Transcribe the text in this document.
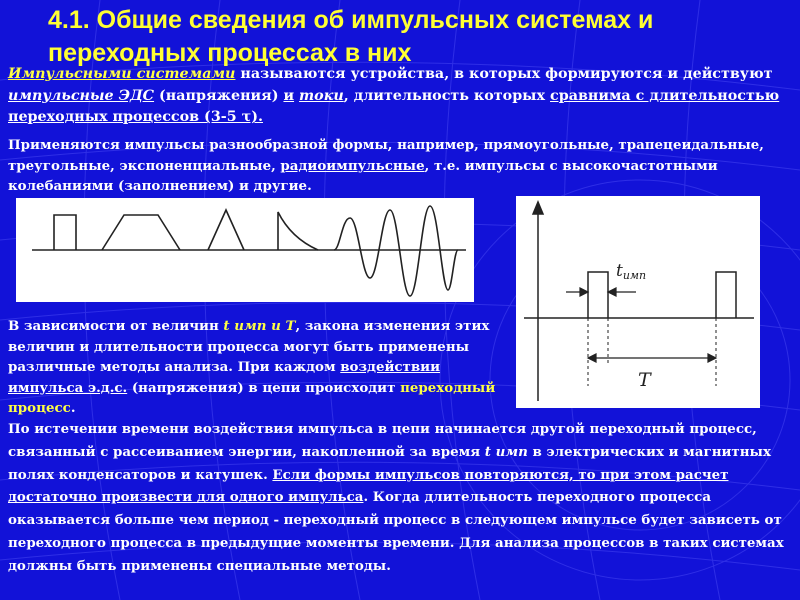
4.1. Общие сведения об импульсных системах и переходных процессах в них

Импульсными системами называются устройства, в которых формируются и действуют импульсные ЭДС (напряжения) и токи, длительность которых сравнима с длительностью переходных процессов (3-5 τ).

Применяются импульсы разнообразной формы, например, прямоугольные, трапецеидальные, треугольные, экспоненциальные, радиоимпульсные, т.е. импульсы с высокочастотными колебаниями (заполнением) и другие.

tимп
T

В зависимости от величин t имп и T, закона изменения этих величин и длительности процесса могут быть применены различные методы анализа. При каждом воздействии импульса э.д.с. (напряжения) в цепи происходит переходный процесс.

По истечении времени воздействия импульса в цепи начинается другой переходный процесс, связанный с рассеиванием энергии, накопленной за время t имп в электрических и магнитных полях конденсаторов и катушек. Если формы импульсов повторяются, то при этом расчет достаточно произвести для одного импульса. Когда длительность переходного процесса оказывается больше чем период - переходный процесс в следующем импульсе будет зависеть от переходного процесса в предыдущие моменты времени. Для анализа процессов в таких системах должны быть применены специальные методы.
